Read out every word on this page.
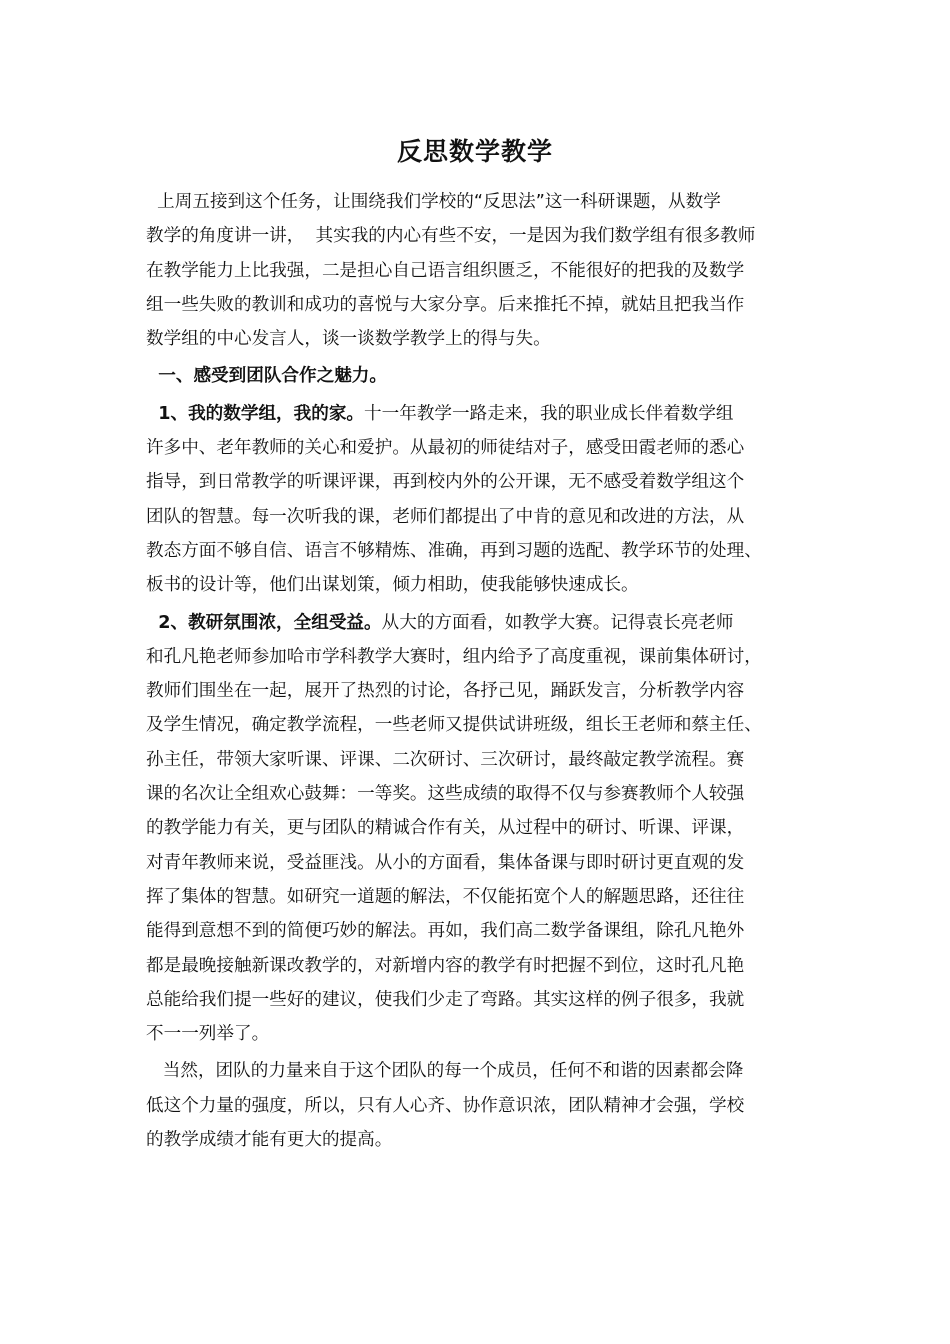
反思数学教学
上周五接到这个任务，让围绕我们学校的“反思法”这一科研课题，从数学
教学的角度讲一讲，  其实我的内心有些不安，一是因为我们数学组有很多教师
在教学能力上比我强，二是担心自己语言组织匮乏，不能很好的把我的及数学
组一些失败的教训和成功的喜悦与大家分享。后来推托不掉，就姑且把我当作
数学组的中心发言人，谈一谈数学教学上的得与失。
一、感受到团队合作之魅力。
1、我的数学组，我的家。十一年教学一路走来，我的职业成长伴着数学组
许多中、老年教师的关心和爱护。从最初的师徒结对子，感受田霞老师的悉心
指导，到日常教学的听课评课，再到校内外的公开课，无不感受着数学组这个
团队的智慧。每一次听我的课，老师们都提出了中肯的意见和改进的方法，从
教态方面不够自信、语言不够精炼、准确，再到习题的选配、教学环节的处理、
板书的设计等，他们出谋划策，倾力相助，使我能够快速成长。
2、教研氛围浓，全组受益。从大的方面看，如教学大赛。记得袁长亮老师
和孔凡艳老师参加哈市学科教学大赛时，组内给予了高度重视，课前集体研讨，
教师们围坐在一起，展开了热烈的讨论，各抒己见，踊跃发言，分析教学内容
及学生情况，确定教学流程，一些老师又提供试讲班级，组长王老师和蔡主任、
孙主任，带领大家听课、评课、二次研讨、三次研讨，最终敲定教学流程。赛
课的名次让全组欢心鼓舞：一等奖。这些成绩的取得不仅与参赛教师个人较强
的教学能力有关，更与团队的精诚合作有关，从过程中的研讨、听课、评课，
对青年教师来说，受益匪浅。从小的方面看，集体备课与即时研讨更直观的发
挥了集体的智慧。如研究一道题的解法，不仅能拓宽个人的解题思路，还往往
能得到意想不到的简便巧妙的解法。再如，我们高二数学备课组，除孔凡艳外
都是最晚接触新课改教学的，对新增内容的教学有时把握不到位，这时孔凡艳
总能给我们提一些好的建议，使我们少走了弯路。其实这样的例子很多，我就
不一一列举了。
当然，团队的力量来自于这个团队的每一个成员，任何不和谐的因素都会降
低这个力量的强度，所以，只有人心齐、协作意识浓，团队精神才会强，学校
的教学成绩才能有更大的提高。
